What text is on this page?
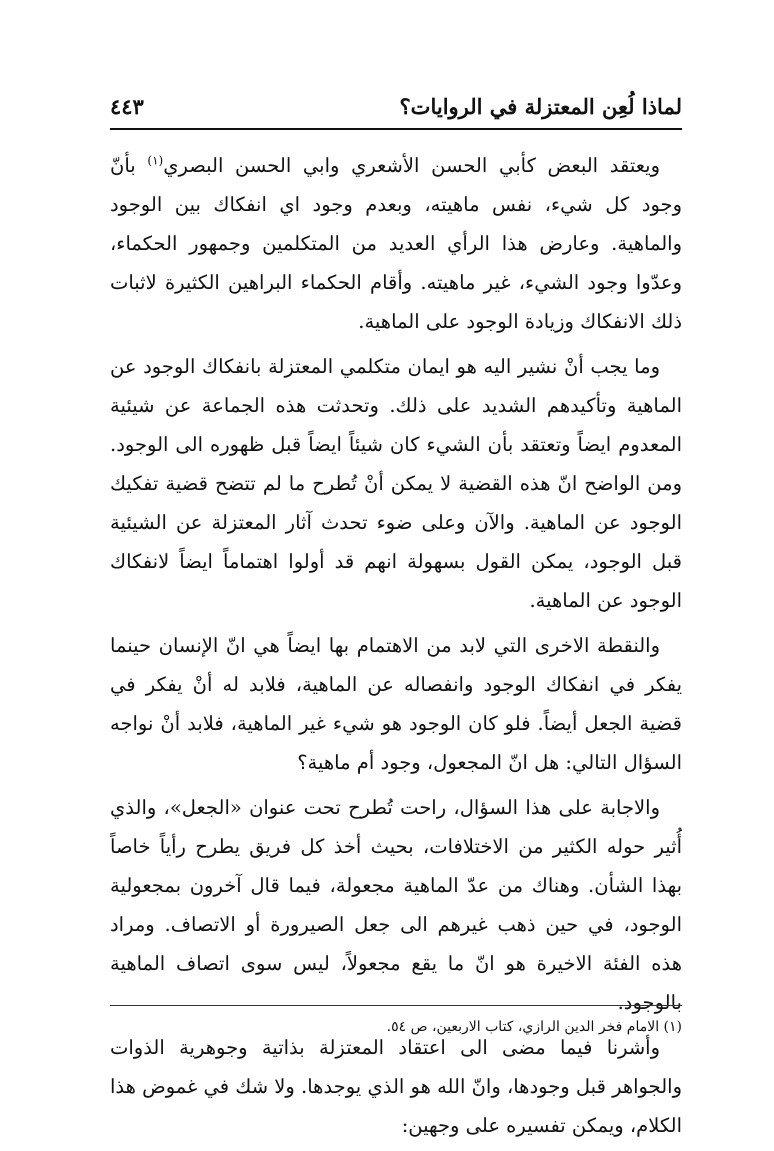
لماذا لُعِن المعتزلة في الروايات؟
٤٤٣

ويعتقد البعض كأبي الحسن الأشعري وابي الحسن البصري$^{(١)}$ بأنّ وجود كل شيء، نفس ماهيته، وبعدم وجود اي انفكاك بين الوجود والماهية. وعارض هذا الرأي العديد من المتكلمين وجمهور الحكماء، وعدّوا وجود الشيء، غير ماهيته. وأقام الحكماء البراهين الكثيرة لاثبات ذلك الانفكاك وزيادة الوجود على الماهية.

وما يجب أنْ نشير اليه هو ايمان متكلمي المعتزلة بانفكاك الوجود عن الماهية وتأكيدهم الشديد على ذلك. وتحدثت هذه الجماعة عن شيئية المعدوم ايضاً وتعتقد بأن الشيء كان شيئاً ايضاً قبل ظهوره الى الوجود. ومن الواضح انّ هذه القضية لا يمكن أنْ تُطرح ما لم تتضح قضية تفكيك الوجود عن الماهية. والآن وعلى ضوء تحدث آثار المعتزلة عن الشيئية قبل الوجود، يمكن القول بسهولة انهم قد أولوا اهتماماً ايضاً لانفكاك الوجود عن الماهية.

والنقطة الاخرى التي لابد من الاهتمام بها ايضاً هي انّ الإنسان حينما يفكر في انفكاك الوجود وانفصاله عن الماهية، فلابد له أنْ يفكر في قضية الجعل أيضاً. فلو كان الوجود هو شيء غير الماهية، فلابد أنْ نواجه السؤال التالي: هل انّ المجعول، وجود أم ماهية؟

والاجابة على هذا السؤال، راحت تُطرح تحت عنوان «الجعل»، والذي أُثير حوله الكثير من الاختلافات، بحيث أخذ كل فريق يطرح رأياً خاصاً بهذا الشأن. وهناك من عدّ الماهية مجعولة، فيما قال آخرون بمجعولية الوجود، في حين ذهب غيرهم الى جعل الصيرورة أو الاتصاف. ومراد هذه الفئة الاخيرة هو انّ ما يقع مجعولاً، ليس سوى اتصاف الماهية بالوجود.

وأشرنا فيما مضى الى اعتقاد المعتزلة بذاتية وجوهرية الذوات والجواهر قبل وجودها، وانّ الله هو الذي يوجدها. ولا شك في غموض هذا الكلام، ويمكن تفسيره على وجهين:

(١) الامام فخر الدين الرازي، كتاب الاربعين، ص ٥٤.
